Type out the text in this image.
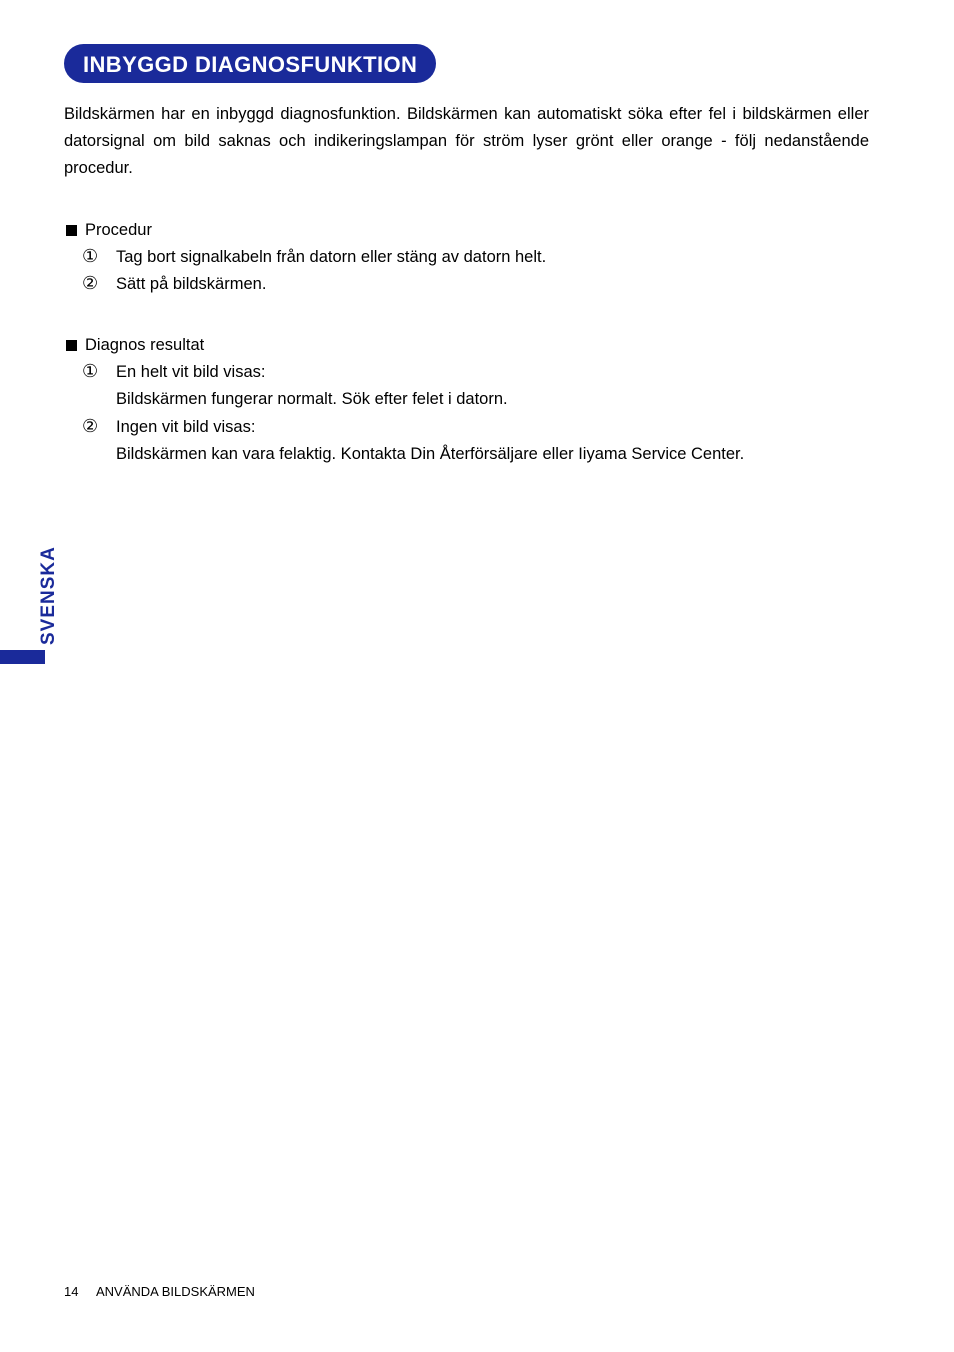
INBYGGD DIAGNOSFUNKTION

Bildskärmen har en inbyggd diagnosfunktion. Bildskärmen kan automatiskt söka efter fel i bildskärmen eller datorsignal om bild saknas och indikeringslampan för ström lyser grönt eller orange - följ nedanstående procedur.

Procedur
① Tag bort signalkabeln från datorn eller stäng av datorn helt.
② Sätt på bildskärmen.
Diagnos resultat
① En helt vit bild visas:
Bildskärmen fungerar normalt. Sök efter felet i datorn.
② Ingen vit bild visas:
Bildskärmen kan vara felaktig. Kontakta Din Återförsäljare eller Iiyama Service Center.
SVENSKA
14 ANVÄNDA BILDSKÄRMEN
